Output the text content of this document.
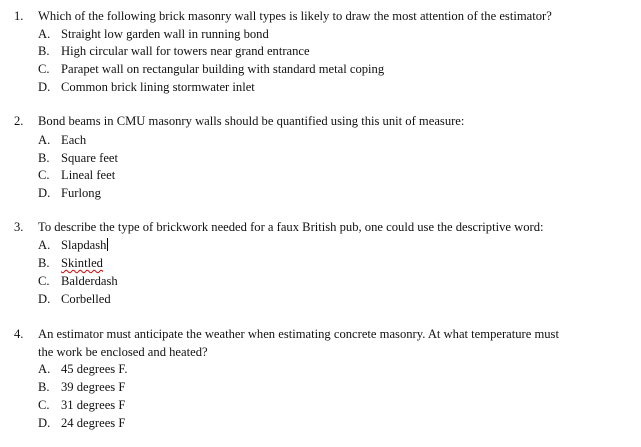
1. Which of the following brick masonry wall types is likely to draw the most attention of the estimator?
A. Straight low garden wall in running bond
B. High circular wall for towers near grand entrance
C. Parapet wall on rectangular building with standard metal coping
D. Common brick lining stormwater inlet
2. Bond beams in CMU masonry walls should be quantified using this unit of measure:
A. Each
B. Square feet
C. Lineal feet
D. Furlong
3. To describe the type of brickwork needed for a faux British pub, one could use the descriptive word:
A. Slapdash
B. Skintled
C. Balderdash
D. Corbelled
4. An estimator must anticipate the weather when estimating concrete masonry. At what temperature must
the work be enclosed and heated?
A. 45 degrees F.
B. 39 degrees F
C. 31 degrees F
D. 24 degrees F
